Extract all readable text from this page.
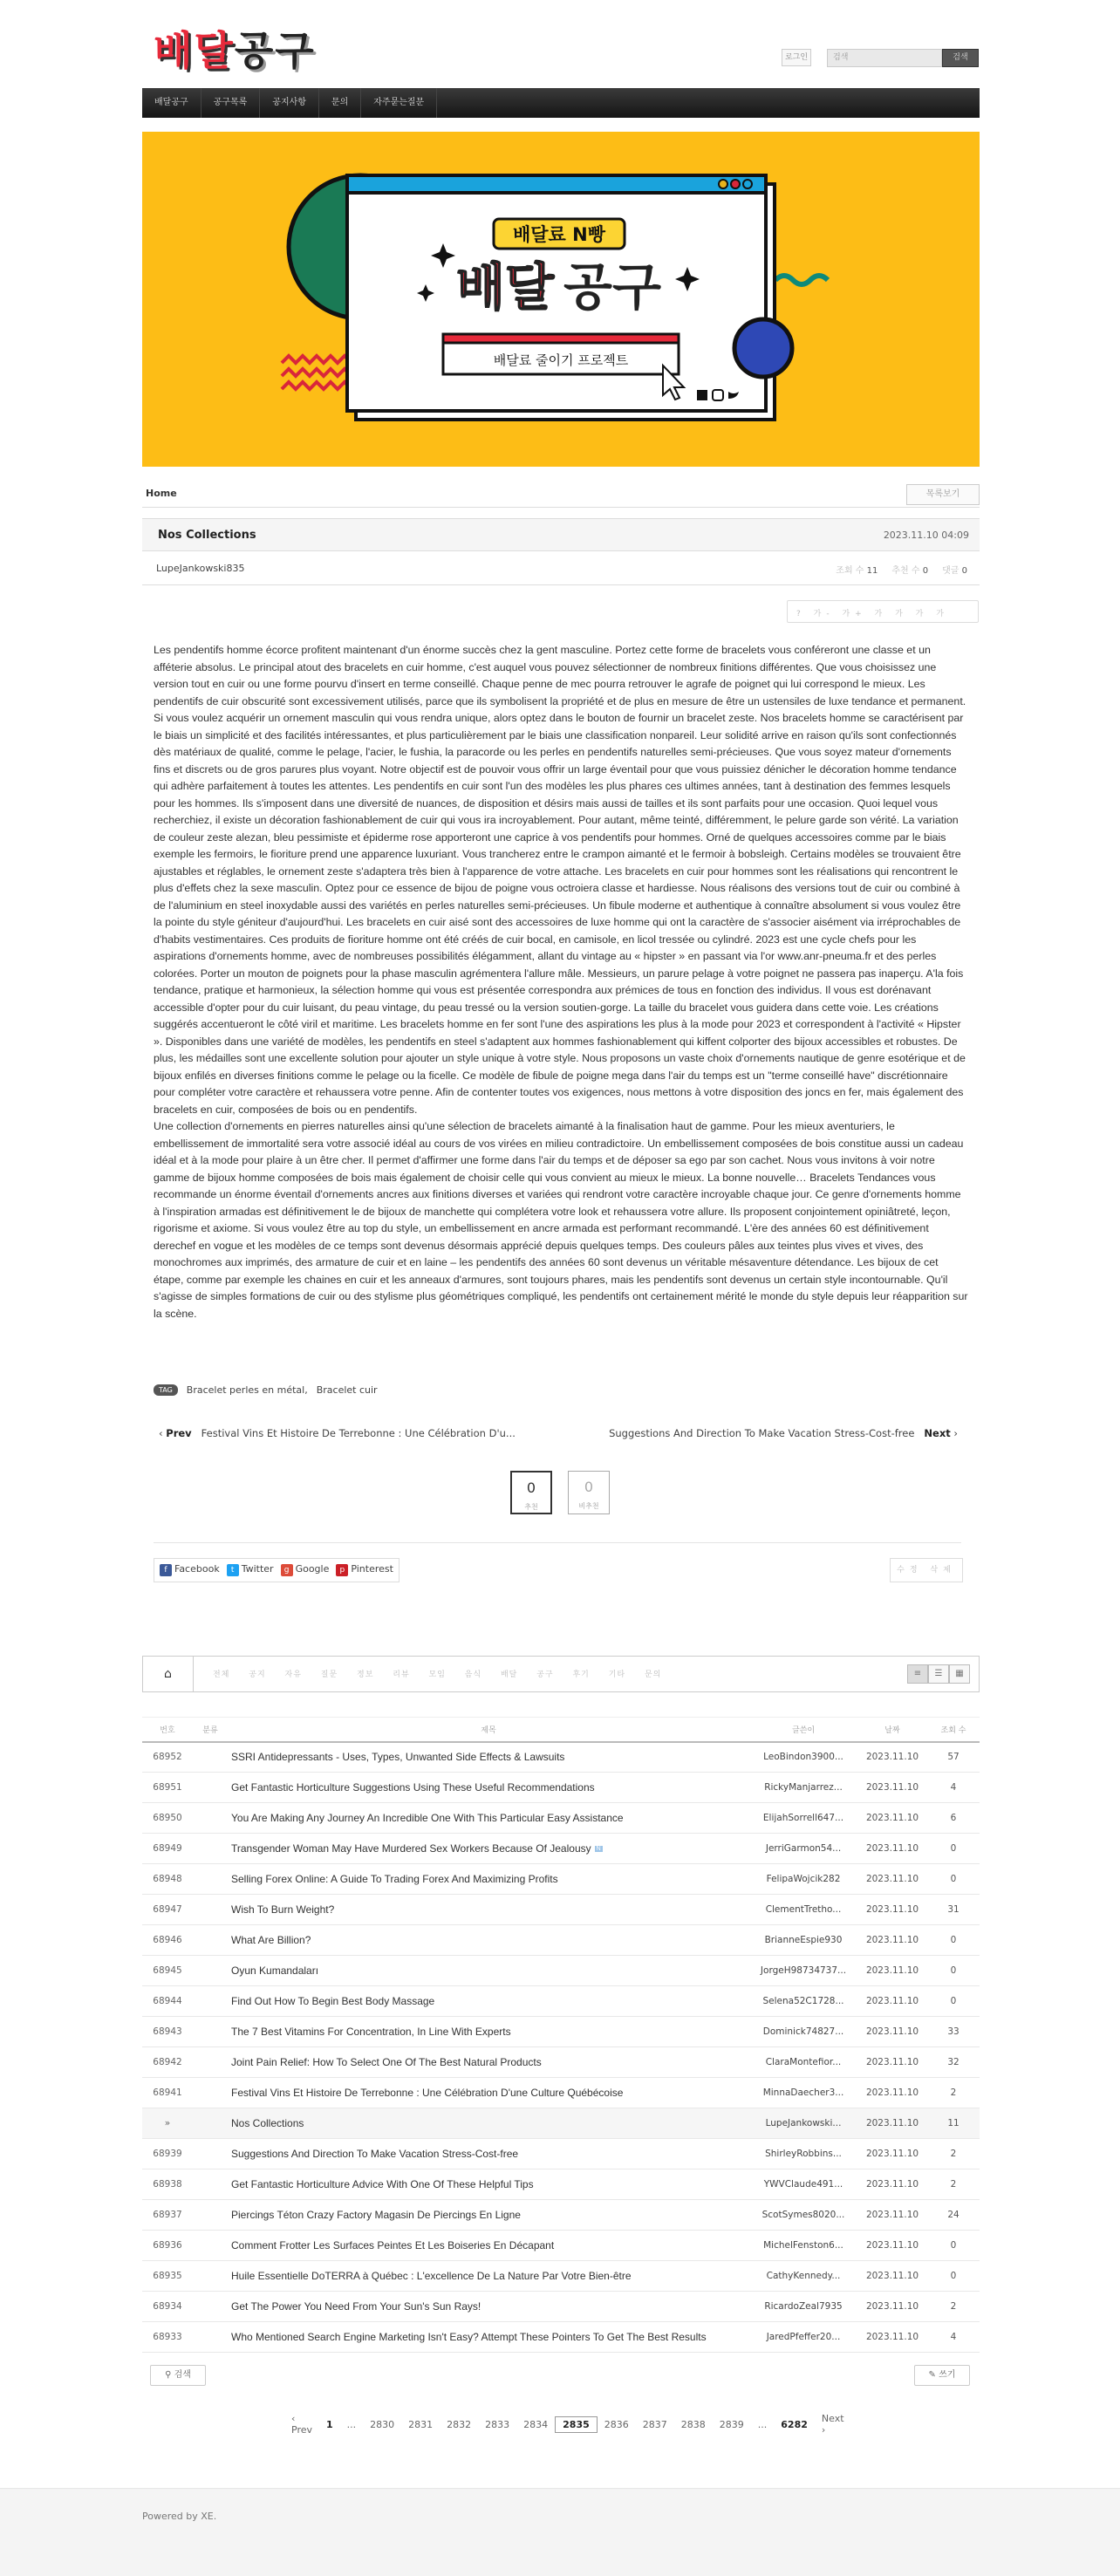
배달공구	로그인	검색	검색
배달공구	공구목록	공지사항	문의	자주묻는질문
배달료 N빵
배달 공구
배달료 줄이기 프로젝트
Home	목록보기
Nos Collections	2023.11.10 04:09
LupeJankowski835	조회 수 11 추천 수 0 댓글 0
? 가- 가+ 가 가 가 가

Les pendentifs homme écorce profitent maintenant d'un énorme succès chez la gent masculine. Portez cette forme de bracelets vous conféreront une classe et un afféterie absolus. Le principal atout des bracelets en cuir homme, c'est auquel vous pouvez sélectionner de nombreux finitions différentes. Que vous choisissez une version tout en cuir ou une forme pourvu d'insert en terme conseillé. Chaque penne de mec pourra retrouver le agrafe de poignet qui lui correspond le mieux. Les pendentifs de cuir obscurité sont excessivement utilisés, parce que ils symbolisent la propriété et de plus en mesure de être un ustensiles de luxe tendance et permanent. Si vous voulez acquérir un ornement masculin qui vous rendra unique, alors optez dans le bouton de fournir un bracelet zeste. Nos bracelets homme se caractérisent par le biais un simplicité et des facilités intéressantes, et plus particulièrement par le biais une classification nonpareil. Leur solidité arrive en raison qu'ils sont confectionnés dès matériaux de qualité, comme le pelage, l'acier, le fushia, la paracorde ou les perles en pendentifs naturelles semi-précieuses. Que vous soyez mateur d'ornements fins et discrets ou de gros parures plus voyant. Notre objectif est de pouvoir vous offrir un large éventail pour que vous puissiez dénicher le décoration homme tendance qui adhère parfaitement à toutes les attentes. Les pendentifs en cuir sont l'un des modèles les plus phares ces ultimes années, tant à destination des femmes lesquels pour les hommes. Ils s'imposent dans une diversité de nuances, de disposition et désirs mais aussi de tailles et ils sont parfaits pour une occasion. Quoi lequel vous recherchiez, il existe un décoration fashionablement de cuir qui vous ira incroyablement. Pour autant, même teinté, différemment, le pelure garde son vérité. La variation de couleur zeste alezan, bleu pessimiste et épiderme rose apporteront une caprice à vos pendentifs pour hommes. Orné de quelques accessoires comme par le biais exemple les fermoirs, le fioriture prend une apparence luxuriant. Vous trancherez entre le crampon aimanté et le fermoir à bobsleigh. Certains modèles se trouvaient être ajustables et réglables, le ornement zeste s'adaptera très bien à l'apparence de votre attache. Les bracelets en cuir pour hommes sont les réalisations qui rencontrent le plus d'effets chez la sexe masculin. Optez pour ce essence de bijou de poigne vous octroiera classe et hardiesse. Nous réalisons des versions tout de cuir ou combiné à de l'aluminium en steel inoxydable aussi des variétés en perles naturelles semi-précieuses. Un fibule moderne et authentique à connaître absolument si vous voulez être la pointe du style géniteur d'aujourd'hui. Les bracelets en cuir aisé sont des accessoires de luxe homme qui ont la caractère de s'associer aisément via irréprochables de d'habits vestimentaires. Ces produits de fioriture homme ont été créés de cuir bocal, en camisole, en licol tressée ou cylindré. 2023 est une cycle chefs pour les aspirations d'ornements homme, avec de nombreuses possibilités élégamment, allant du vintage au « hipster » en passant via l'or www.anr-pneuma.fr et des perles colorées. Porter un mouton de poignets pour la phase masculin agrémentera l'allure mâle. Messieurs, un parure pelage à votre poignet ne passera pas inaperçu. A'la fois tendance, pratique et harmonieux, la sélection homme qui vous est présentée correspondra aux prémices de tous en fonction des individus. Il vous est dorénavant accessible d'opter pour du cuir luisant, du peau vintage, du peau tressé ou la version soutien-gorge. La taille du bracelet vous guidera dans cette voie. Les créations suggérés accentueront le côté viril et maritime. Les bracelets homme en fer sont l'une des aspirations les plus à la mode pour 2023 et correspondent à l'activité « Hipster ». Disponibles dans une variété de modèles, les pendentifs en steel s'adaptent aux hommes fashionablement qui kiffent colporter des bijoux accessibles et robustes. De plus, les médailles sont une excellente solution pour ajouter un style unique à votre style. Nous proposons un vaste choix d'ornements nautique de genre esotérique et de bijoux enfilés en diverses finitions comme le pelage ou la ficelle. Ce modèle de fibule de poigne mega dans l'air du temps est un "terme conseillé have" discrétionnaire pour compléter votre caractère et rehaussera votre penne. Afin de contenter toutes vos exigences, nous mettons à votre disposition des joncs en fer, mais également des bracelets en cuir, composées de bois ou en pendentifs.

Une collection d'ornements en pierres naturelles ainsi qu'une sélection de bracelets aimanté à la finalisation haut de gamme. Pour les mieux aventuriers, le embellissement de immortalité sera votre associé idéal au cours de vos virées en milieu contradictoire. Un embellissement composées de bois constitue aussi un cadeau idéal et à la mode pour plaire à un être cher. Il permet d'affirmer une forme dans l'air du temps et de déposer sa ego par son cachet. Nous vous invitons à voir notre gamme de bijoux homme composées de bois mais également de choisir celle qui vous convient au mieux le mieux. La bonne nouvelle… Bracelets Tendances vous recommande un énorme éventail d'ornements ancres aux finitions diverses et variées qui rendront votre caractère incroyable chaque jour. Ce genre d'ornements homme à l'inspiration armadas est définitivement le de bijoux de manchette qui complétera votre look et rehaussera votre allure. Ils proposent conjointement opiniâtreté, leçon, rigorisme et axiome. Si vous voulez être au top du style, un embellissement en ancre armada est performant recommandé. L'ère des années 60 est définitivement derechef en vogue et les modèles de ce temps sont devenus désormais apprécié depuis quelques temps. Des couleurs pâles aux teintes plus vives et vives, des monochromes aux imprimés, des armature de cuir et en laine – les pendentifs des années 60 sont devenus un véritable mésaventure détendance. Les bijoux de cet étape, comme par exemple les chaines en cuir et les anneaux d'armures, sont toujours phares, mais les pendentifs sont devenus un certain style incontournable. Qu'il s'agisse de simples formations de cuir ou des stylisme plus géométriques compliqué, les pendentifs ont certainement mérité le monde du style depuis leur réapparition sur la scène.

TAG	Bracelet perles en métal, Bracelet cuir
‹ Prev Festival Vins Et Histoire De Terrebonne : Une Célébration D'u...	Suggestions And Direction To Make Vacation Stress-Cost-free Next ›
0
추천
0
비추천
f Facebook	t Twitter	g Google	p Pinterest	수정 삭제
⌂	전체 공지 자유 질문 정보 리뷰 모임 음식 배달 공구 후기 기타 문의	≡	☰	▦
번호	분류	제목	글쓴이	날짜	조회 수
68952		SSRI Antidepressants - Uses, Types, Unwanted Side Effects & Lawsuits	LeoBindon3900...	2023.11.10	57
68951		Get Fantastic Horticulture Suggestions Using These Useful Recommendations	RickyManjarrez...	2023.11.10	4
68950		You Are Making Any Journey An Incredible One With This Particular Easy Assistance	ElijahSorrell647...	2023.11.10	6
68949		Transgender Woman May Have Murdered Sex Workers Because Of Jealousy N	JerriGarmon54...	2023.11.10	0
68948		Selling Forex Online: A Guide To Trading Forex And Maximizing Profits	FelipaWojcik282	2023.11.10	0
68947		Wish To Burn Weight?	ClementTretho...	2023.11.10	31
68946		What Are Billion?	BrianneEspie930	2023.11.10	0
68945		Oyun Kumandaları	JorgeH98734737...	2023.11.10	0
68944		Find Out How To Begin Best Body Massage	Selena52C1728...	2023.11.10	0
68943		The 7 Best Vitamins For Concentration, In Line With Experts	Dominick74827...	2023.11.10	33
68942		Joint Pain Relief: How To Select One Of The Best Natural Products	ClaraMontefior...	2023.11.10	32
68941		Festival Vins Et Histoire De Terrebonne : Une Célébration D'une Culture Québécoise	MinnaDaecher3...	2023.11.10	2
»		Nos Collections	LupeJankowski...	2023.11.10	11
68939		Suggestions And Direction To Make Vacation Stress-Cost-free	ShirleyRobbins...	2023.11.10	2
68938		Get Fantastic Horticulture Advice With One Of These Helpful Tips	YWVClaude491...	2023.11.10	2
68937		Piercings Téton Crazy Factory Magasin De Piercings En Ligne	ScotSymes8020...	2023.11.10	24
68936		Comment Frotter Les Surfaces Peintes Et Les Boiseries En Décapant	MichelFenston6...	2023.11.10	0
68935		Huile Essentielle DoTERRA à Québec : L'excellence De La Nature Par Votre Bien-être	CathyKennedy...	2023.11.10	0
68934		Get The Power You Need From Your Sun's Sun Rays!	RicardoZeal7935	2023.11.10	2
68933		Who Mentioned Search Engine Marketing Isn't Easy? Attempt These Pointers To Get The Best Results	JaredPfeffer20...	2023.11.10	4
⚲ 검색	✎ 쓰기
‹ Prev	1	...	2830	2831	2832	2833	2834	2835	2836	2837	2838	2839	...	6282	Next ›
Powered by XE.
